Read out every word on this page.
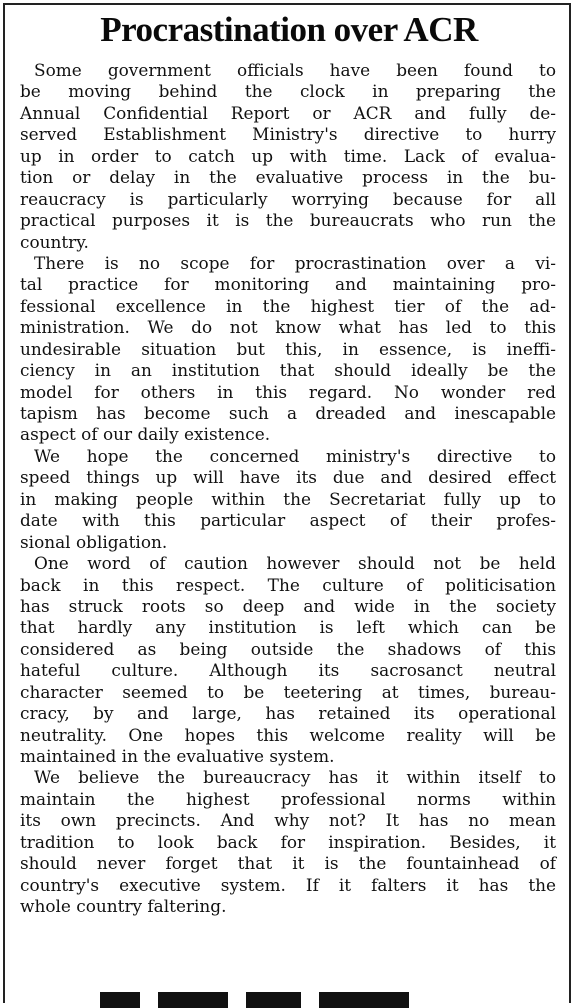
Procrastination over ACR
Some government officials have been found to
be moving behind the clock in preparing the
Annual Confidential Report or ACR and fully de-
served Establishment Ministry's directive to hurry
up in order to catch up with time. Lack of evalua-
tion or delay in the evaluative process in the bu-
reaucracy is particularly worrying because for all
practical purposes it is the bureaucrats who run the
country.
There is no scope for procrastination over a vi-
tal practice for monitoring and maintaining pro-
fessional excellence in the highest tier of the ad-
ministration. We do not know what has led to this
undesirable situation but this, in essence, is ineffi-
ciency in an institution that should ideally be the
model for others in this regard. No wonder red
tapism has become such a dreaded and inescapable
aspect of our daily existence.
We hope the concerned ministry's directive to
speed things up will have its due and desired effect
in making people within the Secretariat fully up to
date with this particular aspect of their profes-
sional obligation.
One word of caution however should not be held
back in this respect. The culture of politicisation
has struck roots so deep and wide in the society
that hardly any institution is left which can be
considered as being outside the shadows of this
hateful culture. Although its sacrosanct neutral
character seemed to be teetering at times, bureau-
cracy, by and large, has retained its operational
neutrality. One hopes this welcome reality will be
maintained in the evaluative system.
We believe the bureaucracy has it within itself to
maintain the highest professional norms within
its own precincts. And why not? It has no mean
tradition to look back for inspiration. Besides, it
should never forget that it is the fountainhead of
country's executive system. If it falters it has the
whole country faltering.
